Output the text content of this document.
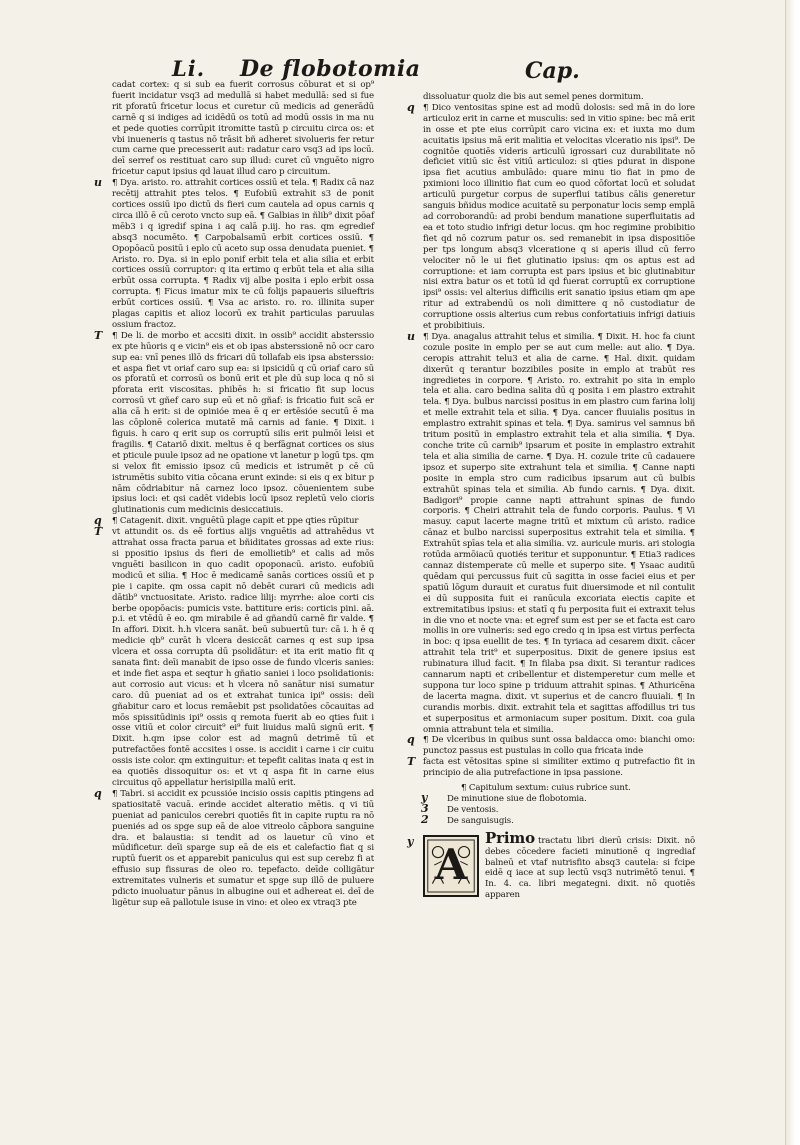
Li. De flobotomia	Cap.

cadat cortex: q si sub ea fuerit corrosus cōburat et si op⁹ fuerit incidatur vsq3 ad medullā si habet medullā: sed si fue rit pforatū fricetur locus et curetur cū medicis ad generādū carnē q si indiges ad icidēdū os totū ad modū ossis in ma nu et pede quoties corrūpit itromitte tastū p circuitu circa os: et vbi inueneris q tastus nō trāsit bñ adheret sivolueris fer retur cum carne que precesserit aut: radatur caro vsq3 ad ips locū. deī serref os restituat caro sup illud: curet cū vnguēto nigro fricetur caput ipsius qd lauat illud caro p circuitum.

u ¶ Dya. aristo. ro. attrahit cortices ossiū et tela. ¶ Radix cā naz recētij attrahit ptes telos. ¶ Eufobiū extrahit s3 de ponit cortices ossiū ipo dictū ds fieri cum cautela ad opus carnis q circa illō ē cū ceroto vncto sup eā. ¶ Galbias in ñlib⁹ dixit pōaf mēb3 i q igredif spina i aq calā p.iij. ho ras. qm egredief absq3 nocumēto. ¶ Carpobalsamū erbit cortices ossiū. ¶ Opopōacū positū i eplo cū aceto sup ossa denudata pueniet. ¶ Aristo. ro. Dya. si in eplo ponif erbit tela et alia silia et erbit cortices ossiū corruptor: q ita ertimo q erbūt tela et alia silia erbūt ossa corrupta. ¶ Radix vij albe posita i eplo erbit ossa corrupta. ¶ Ficus imatur mix te cū folijs papaueris silueftris erbūt cortices ossiū. ¶ Vsa ac aristo. ro. ro. illinita super plagas capitis et alioz locorū ex trahit particulas paruulas ossium fractoz.

T ¶ De li. de morbo et accsiti dixit. in ossib⁹ accidit absterssio ex pte hūoris q e vicin⁹ eis et ob ipas absterssionē nō ocr caro sup ea: vnī penes illō ds fricari dū tollafab eis ipsa absterssio: et aspa fiet vt oriaf caro sup ea: si ipsicidū q cū oriaf caro sū os pforatū et corrosū os bonū erit et ple dū sup loca q nō si pforata erit viscositas. phibēs h: si fricatio fit sup locus corrosū vt gñef caro sup eū et nō gñaf: is fricatio fuit scā er alia cā h erit: si de opinióe mea ē q er ertēsióe secutū ē ma las cōplonē colerica mutatē mā carnis ad fanie. ¶ Dixit. i figuis. h caro q erit sup os corruptū silis erit pulmōi leisi et fragilis. ¶ Catariō dixit. meltus ē q berfāgnat cortices os sius et pticule puule ipsoz ad ne opatione vt lanetur p logū tps. qm si velox fit emissio ipsoz cū medicis et istrumēt p cē cū istrumētis subito vitia cōcana erunt exinde: si eis q ex bitur p nām cōdriabitur nā carnez loco ipsoz. cōuenientem sube ipsius loci: et qsi cadēt videbis locū ipsoz repletū velo cioris glutinationis cum medicinis desiccatiuis.

q ¶ Catagenit. dixit. vnguētū plage capit et ppe qties rūpitur

T vt attundit os. ds eē fortius alijs vnguētis ad attrahēdus vt attrahat ossa fracta parua et bñiditates grossas ad exte rius: si ppositio ipsius ds fieri de emollietib⁹ et calis ad mōs vnguēti basilicon in quo cadit opoponacū. aristo. eufobiū modicū et silia. ¶ Hoc ē medicamē sanās cortices ossiū et p pie i capite. qm ossa capit nō debēt curari cū medicis adi dātib⁹ vnctuositate. Aristo. radice lilij: myrrhe: aloe corti cis berbe opopōacis: pumicis vste. battiture eris: corticis pini. aā. p.i. et vtēdū ē eo. qm mirabile ē ad gñandū carnē fir valde. ¶ In affori. Dixit. h.h vlcera sanāt. beū subuertū tur: cā i. h ē q medicie qb⁹ curāt h vlcera desiccāt carnes q est sup ipsa vlcera et ossa corrupta dū psolidātur: et ita erit matio fit q sanata fint: deīi manabit de ipso osse de fundo vlceris sanies: et inde fiet aspa et seqtur h gñatio saniei i loco psolidationis: aut corrosio aut vicus: et h vlcera nō sanātur nisi sumatur caro. dū pueniat ad os et extrahat tunica ipi⁹ ossis: deīi gñabitur caro et locus remāebit pst psolidatōes cōcauitas ad mōs spissitūdinis ipi⁹ ossis q remota fuerit ab eo qties fuit i osse vitiū et color circuit⁹ ei⁹ fuit liuidus malū signū erit. ¶ Dixit. h.qm ipse color est ad magnū detrimē tū et putrefactōes fontē accsites i osse. is accidit i carne i cir cuitu ossis iste color. qm extinguitur: et tepefit calitas inata q est in ea quotiēs dissoquitur os: et vt q aspa fit in carne eius circuitus qō appellatur herisipilla malū erit.

q ¶ Tabri. si accidit ex pcussióe incisio ossis capitis ptingens ad spatiositatē vacuā. erinde accidet alteratio mētis. q vi tiū pueniat ad paniculos cerebri quotiēs fit in capite ruptu ra nō pueniés ad os spge sup eā de aloe vitreolo cāpbora sanguine dra. et balaustia: si tendit ad os lauetur cū vino et mūdificetur. deīi sparge sup eā de eis et calefactio fiat q si ruptū fuerit os et apparebit paniculus qui est sup cerebz fi at effusio sup fissuras de oleo ro. tepefacto. deīde colligātur extremitates vulneris et sumatur et spge sup illō de puluere pdicto inuoluatur pānus in albugine oui et adhereat ei. deī de ligētur sup eā pallotule isuse in vino: et oleo ex vtraq3 pte

dissoluatur quolz die bis aut semel penes dormitum.

q ¶ Dico ventositas spine est ad modū dolosis: sed mā in do lore articuloz erit in carne et musculis: sed in vitio spine: bec mā erit in osse et pte eius corrūpit caro vicina ex: et iuxta mo dum acuitatis ipsius mā erit malitia et velocitas vlceratio nis ipsi⁹. De cognitōe quotiēs videris articulū igrossari cuz durabilitate nō deficiet vitiū sic ēst vitiū articuloz: si qties pdurat in dispone ipsa fiet acutius ambulādo: quare minu tio fiat in pmo de pximioni loco illinitio fiat cum eo quod cōfortat locū et soludat articulū purgetur corpus de superflui tatibus cālis generetur sanguis bñidus modice acuitatē su perponatur locis semp emplā ad corroborandū: ad probi bendum manatione superfluitatis ad ea et toto studio infrigi detur locus. qm hoc regimine probibitio fiet qd nō cozrum patur os. sed remanebit in ipsa dispositiōe per tps longum absq3 vlceratione q si aperis illud cū ferro velociter nō le ui fiet glutinatio ipsius: qm os aptus est ad corruptione: et iam corrupta est pars ipsius et bic glutinabitur nisi extra batur os et totū id qd fuerat corruptū ex corruptione ipsi⁹ ossis: vel alterius difficilis erit sanatio ipsius etiam qm ape ritur ad extrabendū os noli dimittere q nō custodiatur de corruptione ossis alterius cum rebus confortatiuis infrigi datiuis et probibitiuis.

u ¶ Dya. anagalus attrahit telus et similia. ¶ Dixit. H. hoc fa ciunt cozule posite in emplo per se aut cum melle: aut alio. ¶ Dya. ceropis attrahit telu3 et alia de carne. ¶ Hal. dixit. quidam dixerūt q terantur bozzibiles posite in emplo at trabūt res ingredietes in corpore. ¶ Aristo. ro. extrahit po sita in emplo tela et alia. caro bedina salita dū q posita i em plastro extrahit tela. ¶ Dya. bulbus narcissi positus in em plastro cum farina lolij et melle extrahit tela et silia. ¶ Dya. cancer fluuialis positus in emplastro extrahit spinas et tela. ¶ Dya. samirus vel samnus bñ tritum positū in emplastro extrahit tela et alia similia. ¶ Dya. conche trite cū carnib⁹ ipsarum et posite in emplastro extrahit tela et alia similia de carne. ¶ Dya. H. cozule trite cū cadauere ipsoz et superpo site extrahunt tela et similia. ¶ Canne napti posite in empla stro cum radicibus ipsarum aut cū bulbis extrahūt spinas tela et similia. Ab fundo carnis. ¶ Dya. dixit. Badigori⁹ propie canne napti attrahunt spinas de fundo corporis. ¶ Cheiri attrahit tela de fundo corporis. Paulus. ¶ Vi masuy. caput lacerte magne tritū et mixtum cū aristo. radice cānaz et bulbo narcissi superpositus extrahit tela et similia. ¶ Extrahūt spīas tela et alia similia. vz. auricule muris. ari stologia rotūda armōiacū quotiés teritur et supponuntur. ¶ Etia3 radices cannaz distemperate cū melle et superpo site. ¶ Ysaac auditū quēdam qui percussus fuit cū sagitta in osse faciei eius et per spatiū lōgum durauit et curatus fuit diuersimode et nil contulit ei dū supposita fuit ei ranūcula excoriata eiectis capite et extremitatibus ipsius: et statī q fu perposita fuit ei extraxit telus in die vno et nocte vna: et egref sum est per se et facta est caro mollis in ore vulneris: sed ego credo q in ipsa est virtus perfecta in boc: q ipsa euellit de tes. ¶ In tyriaca ad cesarem dixit. cācer attrahit tela trit⁹ et superpositus. Dixit de genere ipsius est rubinatura illud facit. ¶ In filaba psa dixit. Si terantur radices cannarum napti et cribellentur et distemperetur cum melle et suppona tur loco spine p triduum attrahit spinas. ¶ Athuricēna de lacerta magna. dixit. vt superius et de cancro fluuiali. ¶ In curandis morbis. dixit. extrahit tela et sagittas affodillus tri tus et superpositus et armoniacum super positum. Dixit. coa gula omnia attrabunt tela et similia.

q ¶ De vlceribus in quibus sunt ossa baldacca omo: bianchi omo: punctoz passus est pustulas in collo qua fricata inde

T facta est vētositas spine si similiter extimo q putrefactio fit in principio de alia putrefactione in ipsa passione.

¶ Capitulum sextum: cuius rubrice sunt.
y De minutione siue de flobotomia.
3 De ventosis.
2 De sanguisugis.
y A
Primo tractatu libri dierū crisis: Dixit. nō debes cōcedere facieti minutionē q ingrediaf balneū et vtaf nutrisfito absq3 cautela: si fcipe eidē q iace at sup lectū vsq3 nutrimētō tenui. ¶ In. 4. ca. libri megategni. dixit. nō quotiēs apparen
